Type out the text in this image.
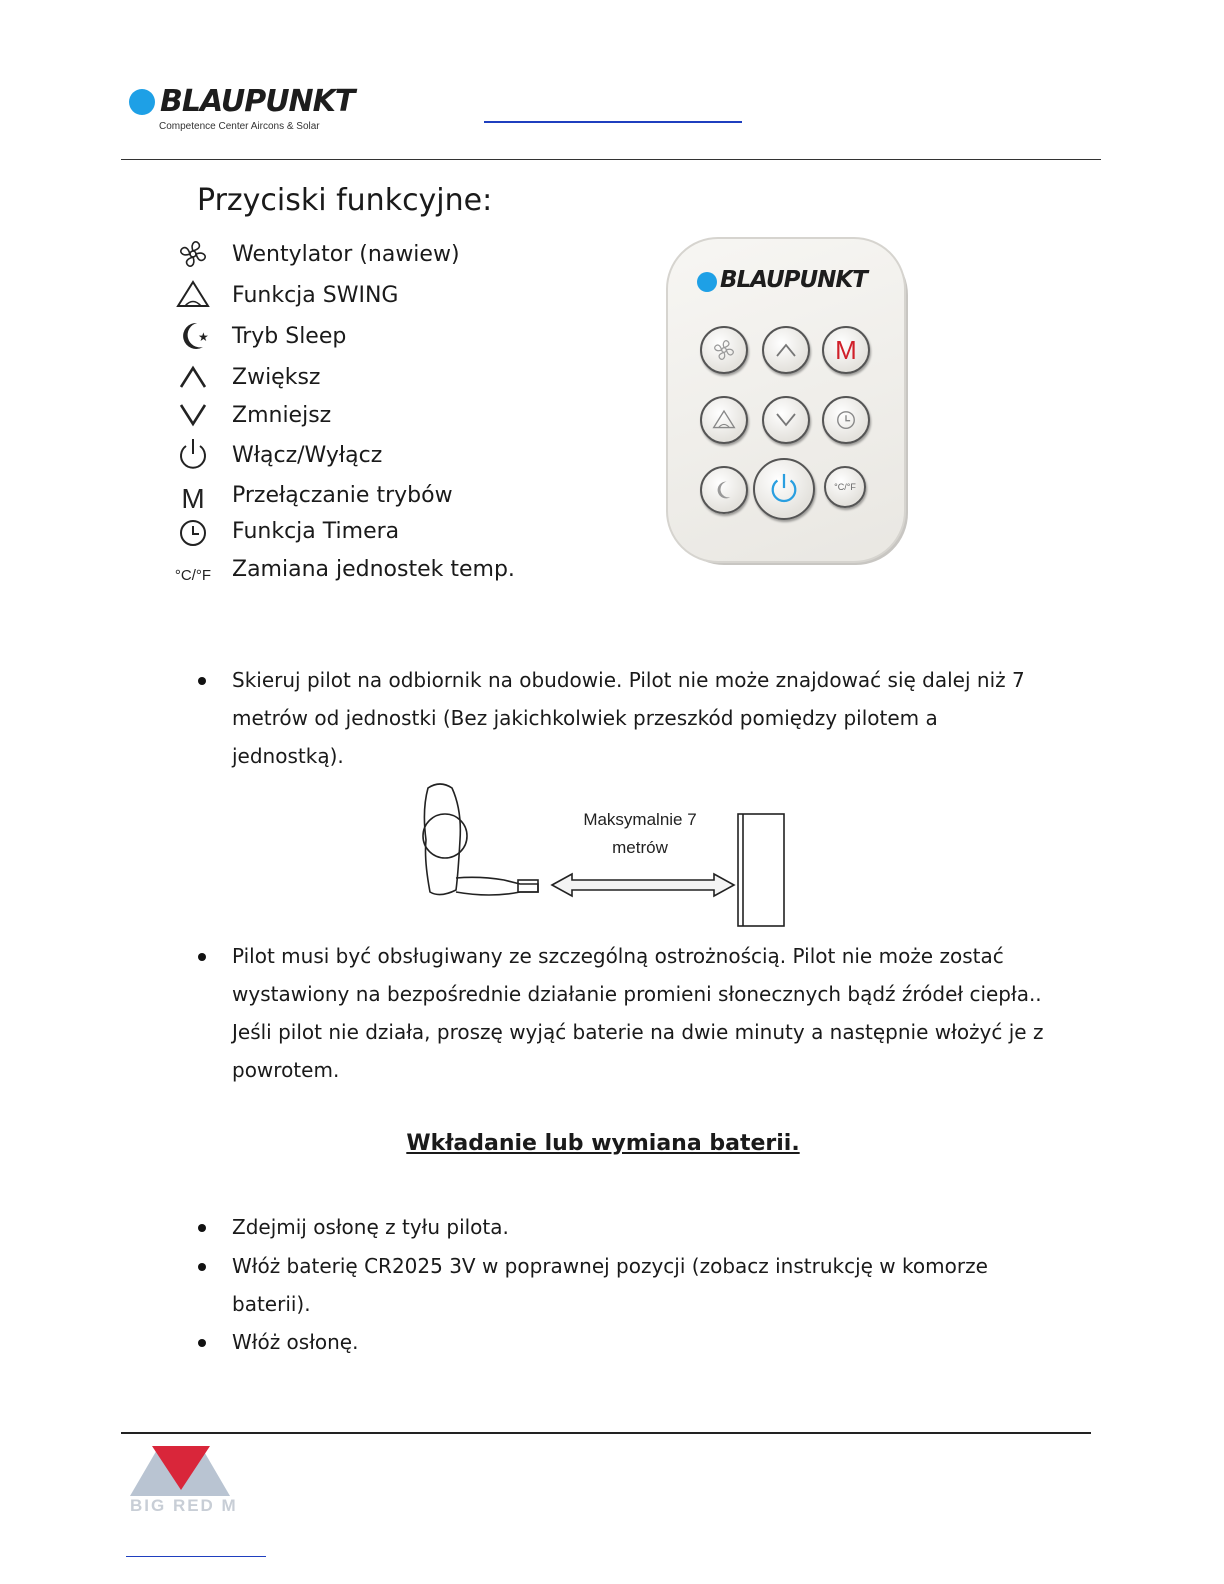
BLAUPUNKT
Competence Center Aircons & Solar
Przyciski funkcyjne:
Wentylator (nawiew)
Funkcja SWING
★ Tryb Sleep
Zwiększ
Zmniejsz
Włącz/Wyłącz
M Przełączanie trybów
Funkcja Timera
°C/°F Zamiana jednostek temp.
BLAUPUNKT
M
°C/°F

Skieruj pilot na odbiornik na obudowie. Pilot nie może znajdować się dalej niż 7 metrów od jednostki (Bez jakichkolwiek przeszkód pomiędzy pilotem a jednostką).

Maksymalnie 7
metrów

Pilot musi być obsługiwany ze szczególną ostrożnością. Pilot nie może zostać wystawiony na bezpośrednie działanie promieni słonecznych bądź źródeł ciepła.. Jeśli pilot nie działa, proszę wyjąć baterie na dwie minuty a następnie włożyć je z powrotem.

Wkładanie lub wymiana baterii.

Zdejmij osłonę z tyłu pilota.

Włóż baterię CR2025 3V w poprawnej pozycji (zobacz instrukcję w komorze baterii).

Włóż osłonę.

BIG RED M
